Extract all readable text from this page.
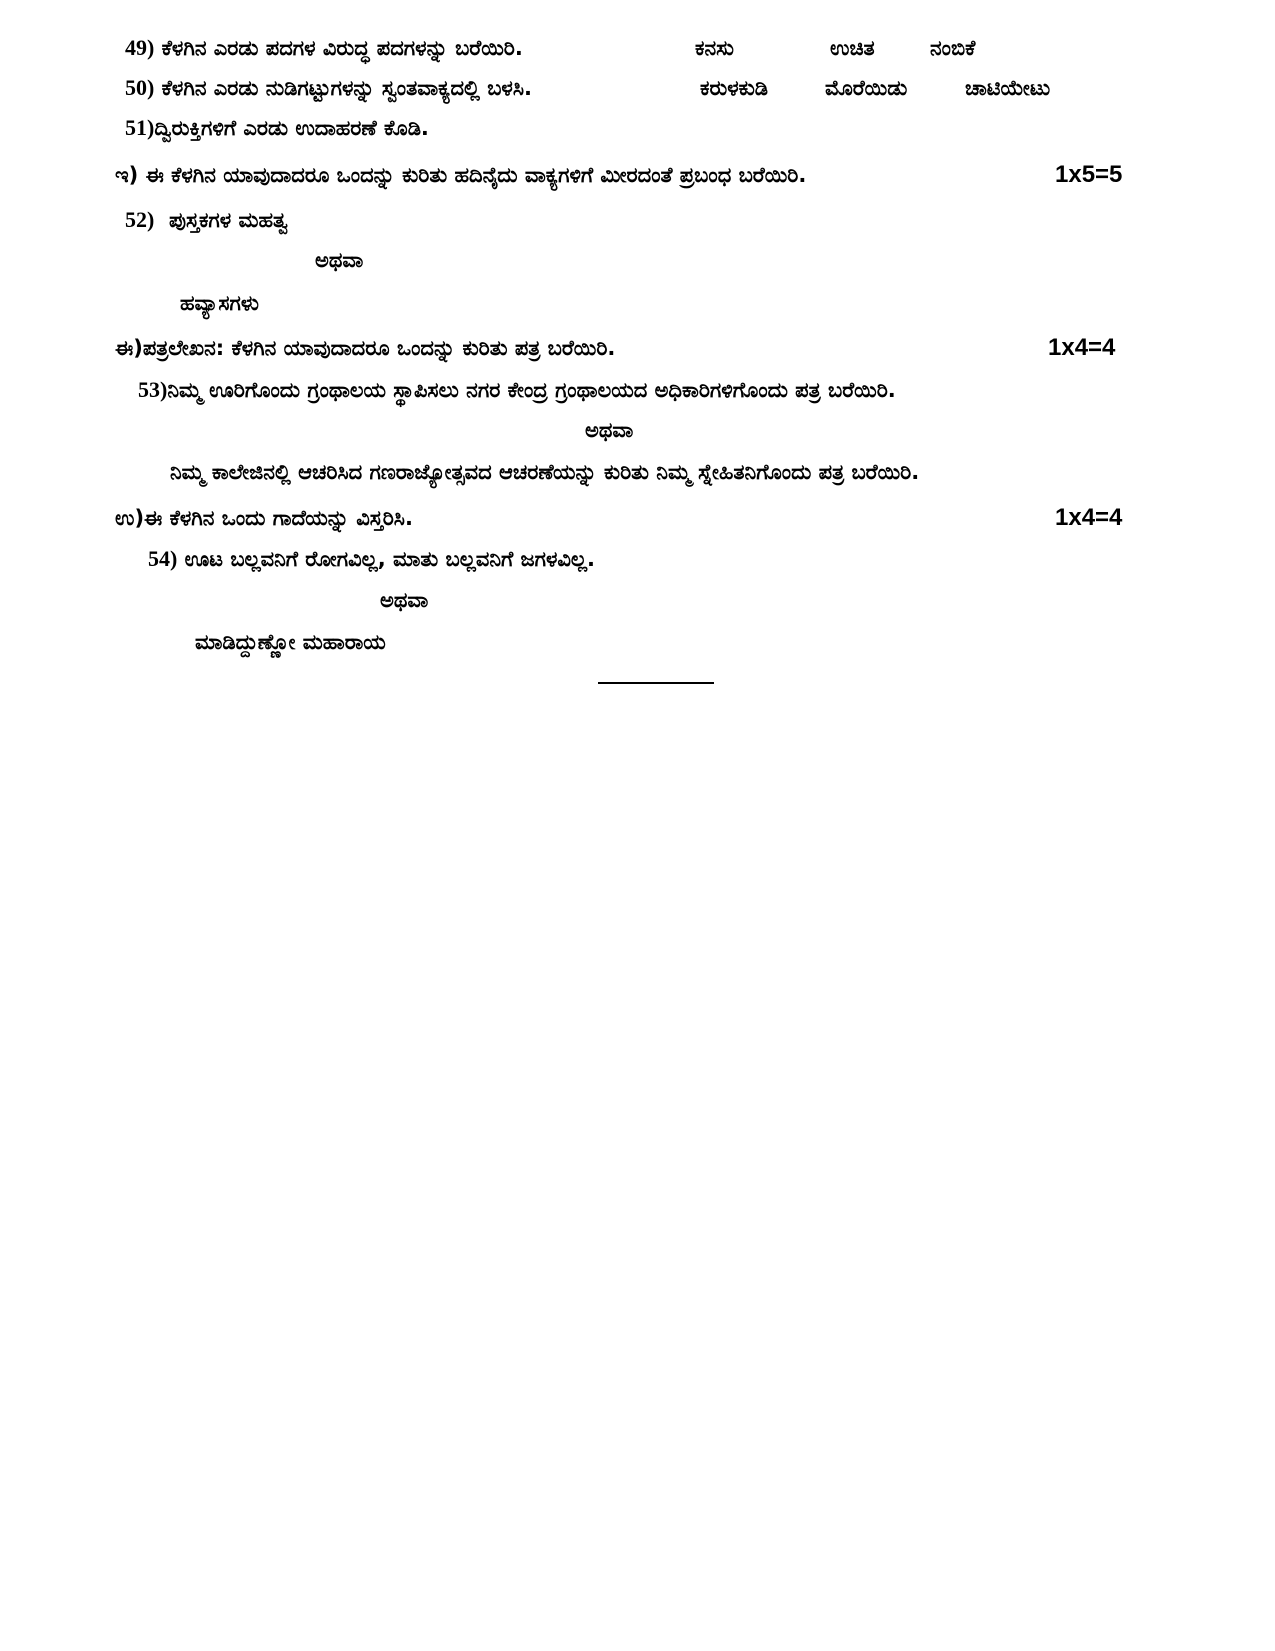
49) ಕೆಳಗಿನ ಎರಡು ಪದಗಳ ವಿರುದ್ಧ ಪದಗಳನ್ನು ಬರೆಯಿರಿ.	ಕನಸು	ಉಚಿತ	ನಂಬಿಕೆ
50) ಕೆಳಗಿನ ಎರಡು ನುಡಿಗಟ್ಟುಗಳನ್ನು ಸ್ವಂತವಾಕ್ಯದಲ್ಲಿ ಬಳಸಿ.	ಕರುಳಕುಡಿ	ಮೊರೆಯಿಡು	ಚಾಟಿಯೇಟು
51)ದ್ವಿರುಕ್ತಿಗಳಿಗೆ ಎರಡು ಉದಾಹರಣೆ ಕೊಡಿ.
ಇ) ಈ ಕೆಳಗಿನ ಯಾವುದಾದರೂ ಒಂದನ್ನು ಕುರಿತು ಹದಿನೈದು ವಾಕ್ಯಗಳಿಗೆ ಮೀರದಂತೆ ಪ್ರಬಂಧ ಬರೆಯಿರಿ.	1x5=5
52) ಪುಸ್ತಕಗಳ ಮಹತ್ವ
ಅಥವಾ
ಹವ್ಯಾಸಗಳು
ಈ)ಪತ್ರಲೇಖನ: ಕೆಳಗಿನ ಯಾವುದಾದರೂ ಒಂದನ್ನು ಕುರಿತು ಪತ್ರ ಬರೆಯಿರಿ.	1x4=4
53)ನಿಮ್ಮ ಊರಿಗೊಂದು ಗ್ರಂಥಾಲಯ ಸ್ಥಾಪಿಸಲು ನಗರ ಕೇಂದ್ರ ಗ್ರಂಥಾಲಯದ ಅಧಿಕಾರಿಗಳಿಗೊಂದು ಪತ್ರ ಬರೆಯಿರಿ.
ಅಥವಾ
ನಿಮ್ಮ ಕಾಲೇಜಿನಲ್ಲಿ ಆಚರಿಸಿದ ಗಣರಾಜ್ಯೋತ್ಸವದ ಆಚರಣೆಯನ್ನು ಕುರಿತು ನಿಮ್ಮ ಸ್ನೇಹಿತನಿಗೊಂದು ಪತ್ರ ಬರೆಯಿರಿ.
ಉ)ಈ ಕೆಳಗಿನ ಒಂದು ಗಾದೆಯನ್ನು ವಿಸ್ತರಿಸಿ.	1x4=4
54) ಊಟ ಬಲ್ಲವನಿಗೆ ರೋಗವಿಲ್ಲ, ಮಾತು ಬಲ್ಲವನಿಗೆ ಜಗಳವಿಲ್ಲ.
ಅಥವಾ
ಮಾಡಿದ್ದುಣ್ಣೋ ಮಹಾರಾಯ
